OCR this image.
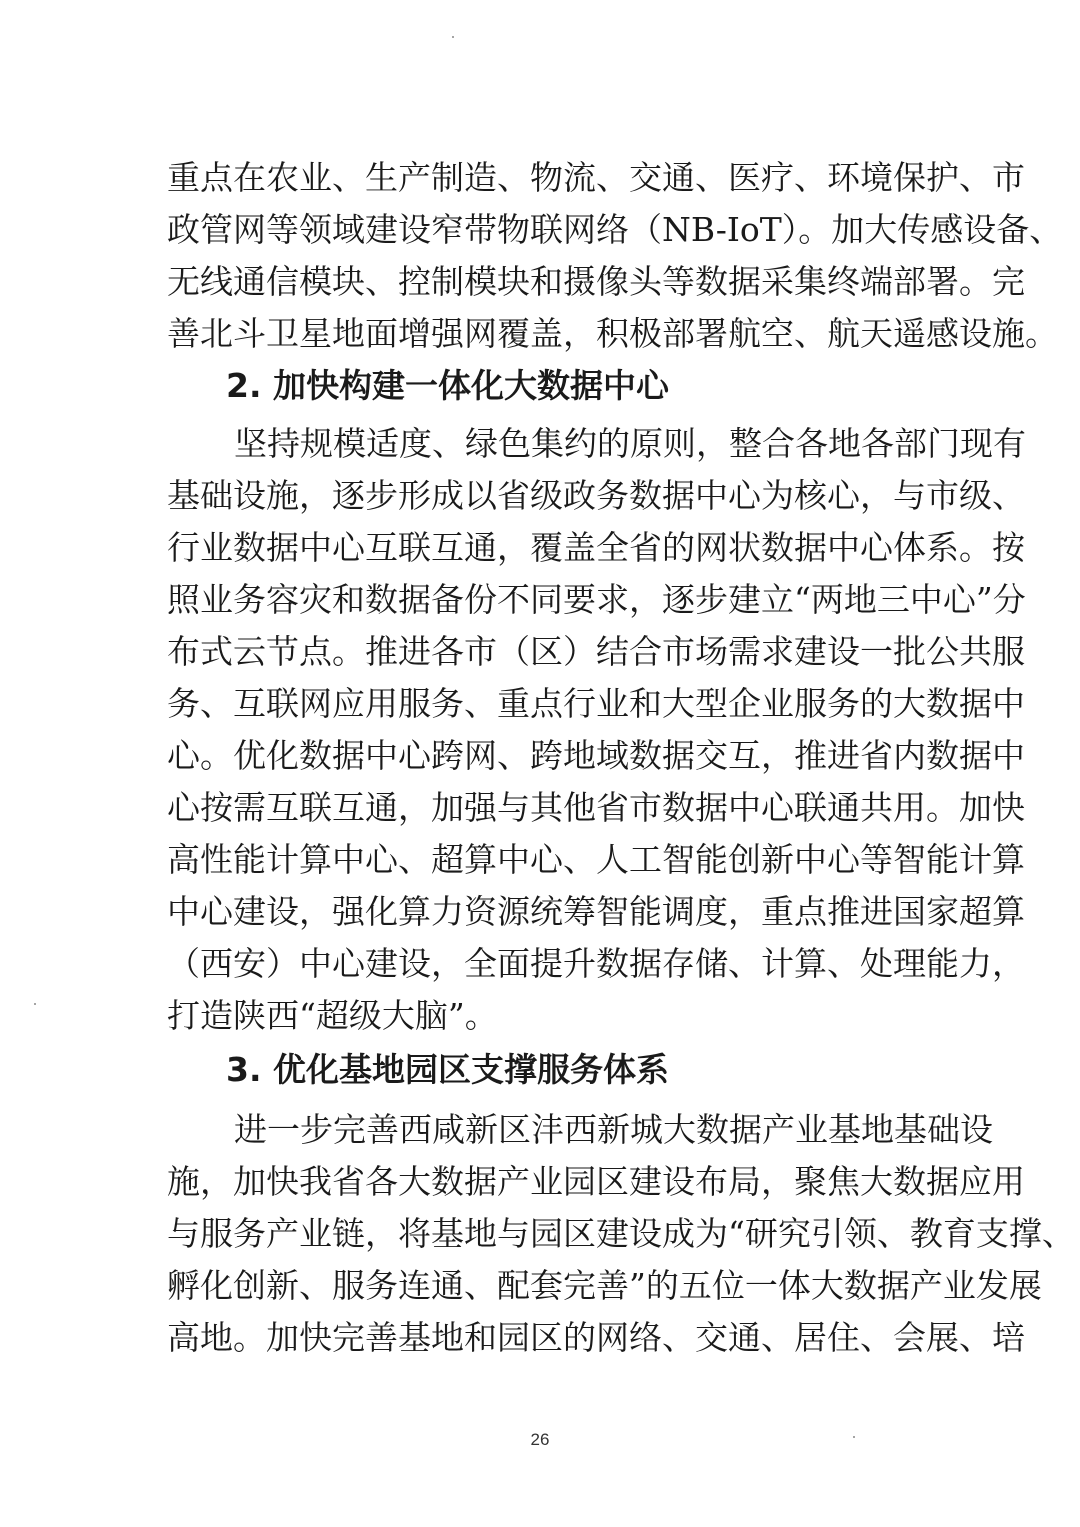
重点在农业、生产制造、物流、交通、医疗、环境保护、市
政管网等领域建设窄带物联网络（NB-IoT）。加大传感设备、
无线通信模块、控制模块和摄像头等数据采集终端部署。完
善北斗卫星地面增强网覆盖，积极部署航空、航天遥感设施。
2. 加快构建一体化大数据中心
坚持规模适度、绿色集约的原则，整合各地各部门现有
基础设施，逐步形成以省级政务数据中心为核心，与市级、
行业数据中心互联互通，覆盖全省的网状数据中心体系。按
照业务容灾和数据备份不同要求，逐步建立“两地三中心”分
布式云节点。推进各市（区）结合市场需求建设一批公共服
务、互联网应用服务、重点行业和大型企业服务的大数据中
心。优化数据中心跨网、跨地域数据交互，推进省内数据中
心按需互联互通，加强与其他省市数据中心联通共用。加快
高性能计算中心、超算中心、人工智能创新中心等智能计算
中心建设，强化算力资源统筹智能调度，重点推进国家超算
（西安）中心建设，全面提升数据存储、计算、处理能力，
打造陕西“超级大脑”。
3. 优化基地园区支撑服务体系
进一步完善西咸新区沣西新城大数据产业基地基础设
施，加快我省各大数据产业园区建设布局，聚焦大数据应用
与服务产业链，将基地与园区建设成为“研究引领、教育支撑、
孵化创新、服务连通、配套完善”的五位一体大数据产业发展
高地。加快完善基地和园区的网络、交通、居住、会展、培
26
